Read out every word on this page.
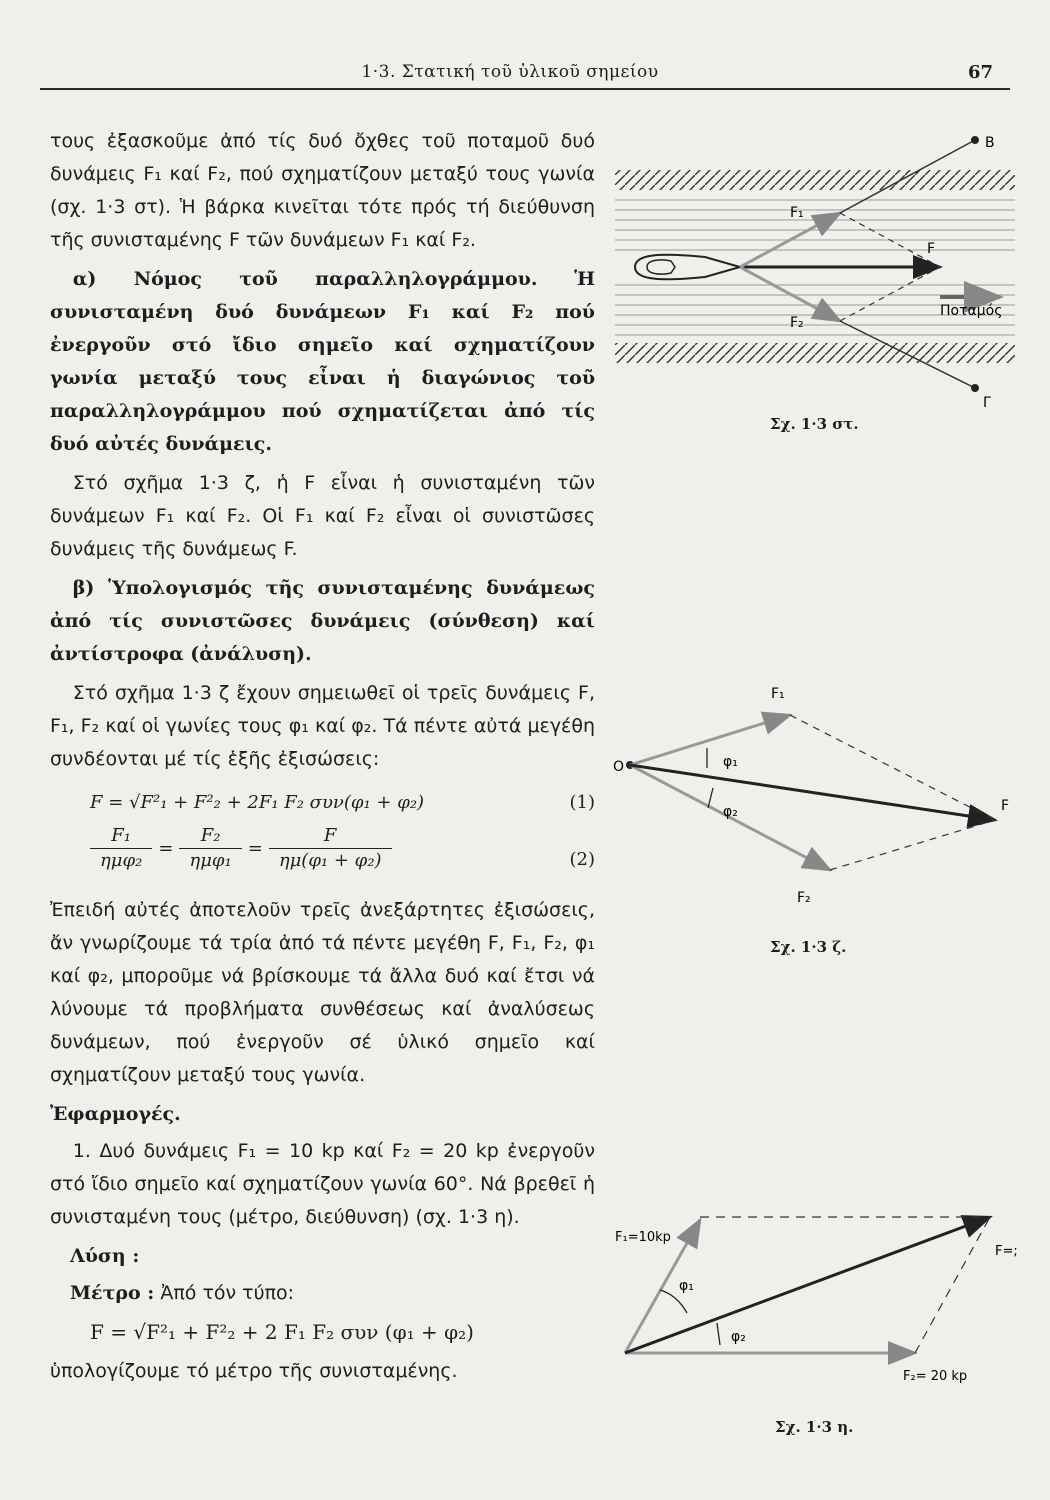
1·3. Στατική τοῦ ὑλικοῦ σημείου	67

τους ἐξασκοῦμε ἀπό τίς δυό ὄχθες τοῦ ποταμοῦ δυό δυνάμεις F₁ καί F₂, πού σχηματίζουν μεταξύ τους γωνία (σχ. 1·3 στ). Ἡ βάρκα κινεῖται τότε πρός τή διεύθυνση τῆς συνισταμένης F τῶν δυνάμεων F₁ καί F₂.

α) Νόμος τοῦ παραλληλογράμμου. Ἡ συνισταμένη δυό δυνάμεων F₁ καί F₂ πού ἐνεργοῦν στό ἴδιο σημεῖο καί σχηματίζουν γωνία μεταξύ τους εἶναι ἡ διαγώνιος τοῦ παραλληλογράμμου πού σχηματίζεται ἀπό τίς δυό αὐτές δυνάμεις.

Στό σχῆμα 1·3 ζ, ἡ F εἶναι ἡ συνισταμένη τῶν δυνάμεων F₁ καί F₂. Οἱ F₁ καί F₂ εἶναι οἱ συνιστῶσες δυνάμεις τῆς δυνάμεως F.

β) Ὑπολογισμός τῆς συνισταμένης δυνάμεως ἀπό τίς συνιστῶσες δυνάμεις (σύνθεση) καί ἀντίστροφα (ἀνάλυση).

Στό σχῆμα 1·3 ζ ἔχουν σημειωθεῖ οἱ τρεῖς δυνάμεις F, F₁, F₂ καί οἱ γωνίες τους φ₁ καί φ₂. Τά πέντε αὐτά μεγέθη συνδέονται μέ τίς ἑξῆς ἐξισώσεις:

F = √F²₁ + F²₂ + 2F₁ F₂ συν(φ₁ + φ₂)	(1)
F₁	=	F₂	=	F
ημφ₂		ημφ₁		ημ(φ₁ + φ₂)	(2)

Ἐπειδή αὐτές ἀποτελοῦν τρεῖς ἀνεξάρτητες ἐξισώσεις, ἄν γνωρίζουμε τά τρία ἀπό τά πέντε μεγέθη F, F₁, F₂, φ₁ καί φ₂, μποροῦμε νά βρίσκουμε τά ἄλλα δυό καί ἔτσι νά λύνουμε τά προβλήματα συνθέσεως καί ἀναλύσεως δυνάμεων, πού ἐνεργοῦν σέ ὑλικό σημεῖο καί σχηματίζουν μεταξύ τους γωνία.

Ἐφαρμογές.

1. Δυό δυνάμεις F₁ = 10 kp καί F₂ = 20 kp ἐνεργοῦν στό ἴδιο σημεῖο καί σχηματίζουν γωνία 60°. Νά βρεθεῖ ἡ συνισταμένη τους (μέτρο, διεύθυνση) (σχ. 1·3 η).

Λύση :

Μέτρο : Ἀπό τόν τύπο:

F = √F²₁ + F²₂ + 2 F₁ F₂ συν (φ₁ + φ₂)

ὑπολογίζουμε τό μέτρο τῆς συνισταμένης.

B
Γ
F₁
F₂
F
Ποταμός
Σχ. 1·3 στ.
O
F₁
F₂
F
φ₁
φ₂
Σχ. 1·3 ζ.
F₁=10kp
F₂= 20 kp
F=;
φ₁
φ₂
Σχ. 1·3 η.
